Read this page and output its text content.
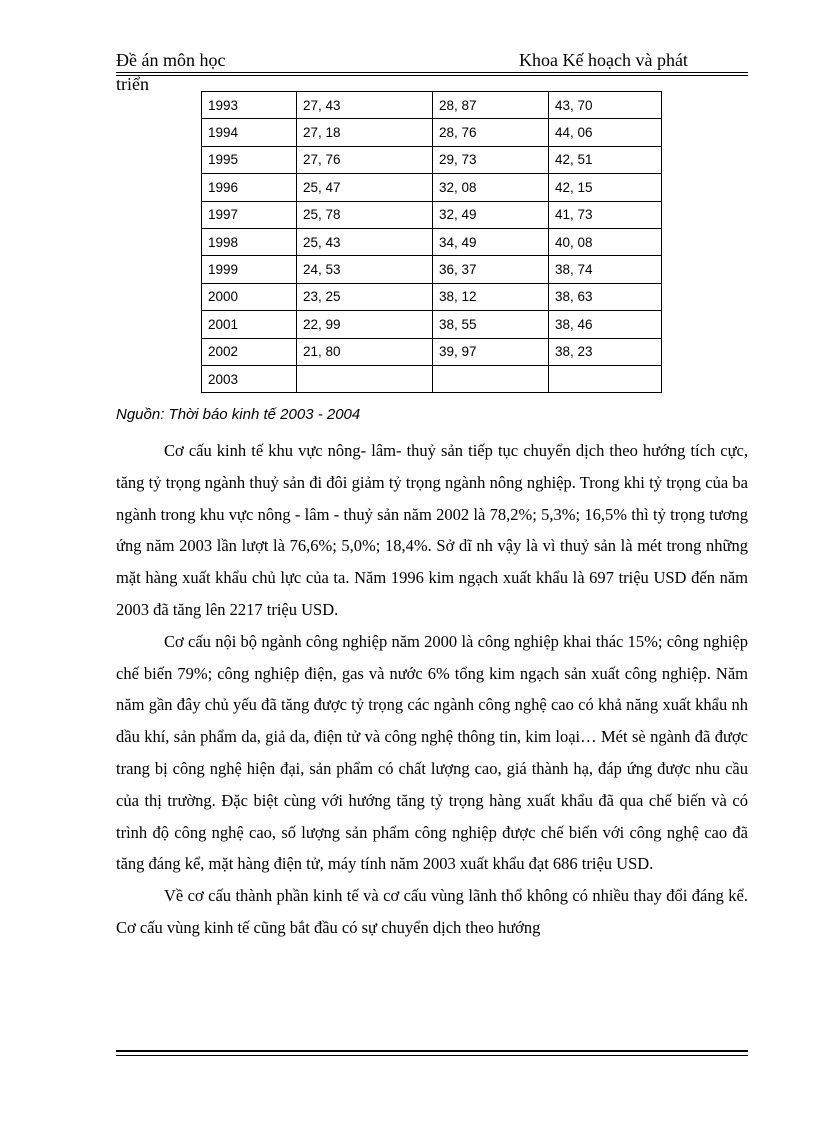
Đề án môn học	Khoa Kế hoạch và phát
triển
1993	27, 43	28, 87	43, 70
1994	27, 18	28, 76	44, 06
1995	27, 76	29, 73	42, 51
1996	25, 47	32, 08	42, 15
1997	25, 78	32, 49	41, 73
1998	25, 43	34, 49	40, 08
1999	24, 53	36, 37	38, 74
2000	23, 25	38, 12	38, 63
2001	22, 99	38, 55	38, 46
2002	21, 80	39, 97	38, 23
2003			
Nguồn: Thời báo kinh tế 2003 - 2004

Cơ cấu kinh tế khu vực nông- lâm- thuỷ sản tiếp tục chuyển dịch theo hướng tích cực, tăng tỷ trọng ngành thuỷ sản đi đôi giảm tỷ trọng ngành nông nghiệp. Trong khi tỷ trọng của ba ngành trong khu vực nông - lâm - thuỷ sản năm 2002 là 78,2%; 5,3%; 16,5% thì tỷ trọng tương ứng năm 2003 lần lượt là 76,6%; 5,0%; 18,4%. Sở dĩ nh vậy là vì thuỷ sản là mét trong những mặt hàng xuất khẩu chủ lực của ta. Năm 1996 kim ngạch xuất khẩu là 697 triệu USD đến năm 2003 đã tăng lên 2217 triệu USD.

Cơ cấu nội bộ ngành công nghiệp năm 2000 là công nghiệp khai thác 15%; công nghiệp chế biến 79%; công nghiệp điện, gas và nước 6% tổng kim ngạch sản xuất công nghiệp. Năm năm gần đây chủ yếu đã tăng được tỷ trọng các ngành công nghệ cao có khả năng xuất khẩu nh dầu khí, sản phẩm da, giả da, điện tử và công nghệ thông tin, kim loại… Mét sè ngành đã được trang bị công nghệ hiện đại, sản phẩm có chất lượng cao, giá thành hạ, đáp ứng được nhu cầu của thị trường. Đặc biệt cùng với hướng tăng tỷ trọng hàng xuất khẩu đã qua chế biến và có trình độ công nghệ cao, số lượng sản phẩm công nghiệp được chế biến với công nghệ cao đã tăng đáng kể, mặt hàng điện tử, máy tính năm 2003 xuất khẩu đạt 686 triệu USD.

Về cơ cấu thành phần kinh tế và cơ cấu vùng lãnh thổ không có nhiều thay đổi đáng kể. Cơ cấu vùng kinh tế cũng bắt đầu có sự chuyển dịch theo hướng
